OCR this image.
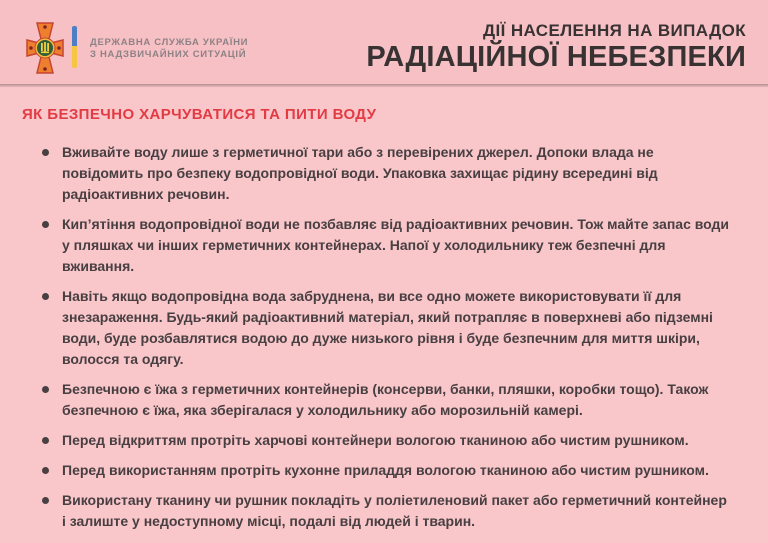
ДЕРЖАВНА СЛУЖБА УКРАЇНИ
З НАДЗВИЧАЙНИХ СИТУАЦІЙ
ДІЇ НАСЕЛЕННЯ НА ВИПАДОК
РАДІАЦІЙНОЇ НЕБЕЗПЕКИ
ЯК БЕЗПЕЧНО ХАРЧУВАТИСЯ ТА ПИТИ ВОДУ
Вживайте воду лише з герметичної тари або з перевірених джерел. Допоки влада не повідомить про безпеку водопровідної води. Упаковка захищає рідину всередині від радіоактивних речовин.
Кип’ятіння водопровідної води не позбавляє від радіоактивних речовин. Тож майте запас води у пляшках чи інших герметичних контейнерах. Напої у холодильнику теж безпечні для вживання.
Навіть якщо водопровідна вода забруднена, ви все одно можете використовувати її для знезараження. Будь-який радіоактивний матеріал, який потрапляє в поверхневі або підземні води, буде розбавлятися водою до дуже низького рівня і буде безпечним для миття шкіри, волосся та одягу.
Безпечною є їжа з герметичних контейнерів (консерви, банки, пляшки, коробки тощо). Також безпечною є їжа, яка зберігалася у холодильнику або морозильній камері.
Перед відкриттям протріть харчові контейнери вологою тканиною або чистим рушником.
Перед використанням протріть кухонне приладдя вологою тканиною або чистим рушником.
Використану тканину чи рушник покладіть у поліетиленовий пакет або герметичний контейнер і залиште у недоступному місці, подалі від людей і тварин.
